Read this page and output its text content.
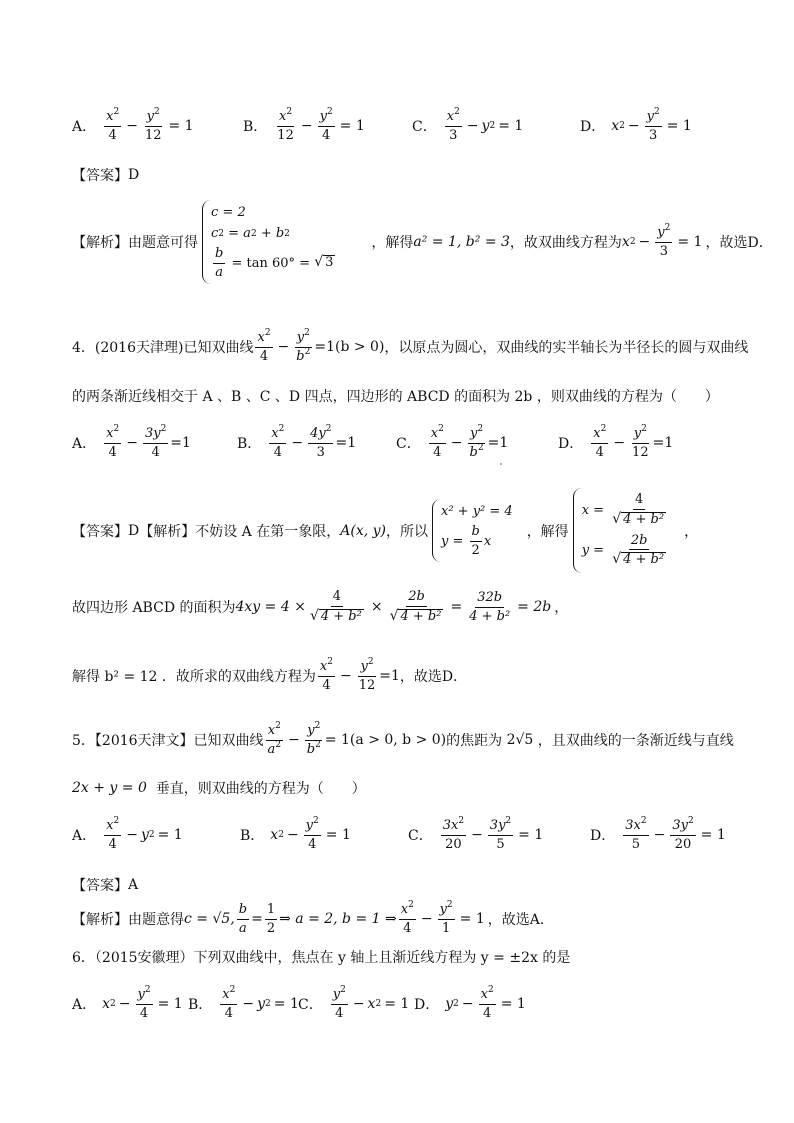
A． $\frac{x^2}{4} - \frac{y^2}{12} = 1$	B． $\frac{x^2}{12} - \frac{y^2}{4} = 1$	C． $\frac{x^2}{3} - y$ 2 = 1	D． x $2 - \frac{y^2}{3} = 1$
【答案】 D
【解析】 由题意可得
c = 2
c 2
= a 2
+ b 2
$\frac{b}{a}$
= tan 60° =
√ 3
，解得 a² = 1, b² = 3 ，故双曲线方程为 x $2 - \frac{y^2}{3} = 1$ ，故选D．
4．(2016天津理)已知双曲线 $\frac{x^2}{4} - \frac{y^2}{b^2} =1(b > 0)$ ，以原点为圆心，双曲线的实半轴长为半径长的圆与双曲线
的两条渐近线相交于 A 、B 、C 、D 四点，四边形的 ABCD 的面积为 2b ，则双曲线的方程为（　　）
A． $\frac{x^2}{4} - \frac{3y^2}{4} =1$	B． $\frac{x^2}{4} - \frac{4y^2}{3} =1$	C． $\frac{x^2}{4} - \frac{y^2}{b^2} =1$	D． $\frac{x^2}{4} - \frac{y^2}{12} =1$
【答案】 D 【解析】 不妨设 A 在第一象限， A(x, y) ，所以
x² + y² = 4
y =
$\frac{b}{2}$ x
，解得
x =
$\frac{4}{\text{√ 4 + b²}}$
y =
$\frac{2b}{\text{√ 4 + b²}}$
，
故四边形 ABCD 的面积为 $4xy = 4 \times \frac{4}{\text{√ 4 + b²}} \times \frac{2b}{\text{√ 4 + b²}} = \frac{32b}{\text{4 + b²}} = 2b$ ，
解得 b² = 12 ．故所求的双曲线方程为 $\frac{x^2}{4} - \frac{y^2}{12} =1$ ，故选D．
5．【2016天津文】已知双曲线 $\frac{x^2}{a^2} - \frac{y^2}{b^2} = 1(a > 0$, b > 0) 的焦距为
2√5
，且双曲线的一条渐近线与直线
2x + y = 0
垂直，则双曲线的方程为（　　）
A． $\frac{x^2}{4} - y$ 2 = 1	B． x $2 - \frac{y^2}{4} = 1$	C． $\frac{3x^2}{20} - \frac{3y^2}{5} = 1$	D． $\frac{3x^2}{5} - \frac{3y^2}{20} = 1$
【答案】 A
【解析】 由题意得 c = √5, $\frac{b}{a} = \frac{1}{2}$ ⇒ a = 2, b = 1 ⇒ $\frac{x^2}{4} - \frac{y^2}{1} = 1$ ，故选A．
6．（2015安徽理）下列双曲线中，焦点在 y 轴上且渐近线方程为 y = ±2x 的是
A． x $2 - \frac{y^2}{4} = 1$ B． $\frac{x^2}{4} - y$ 2 = 1 C． $\frac{y^2}{4} - x$ 2 = 1 D． y $2 - \frac{x^2}{4} = 1$
